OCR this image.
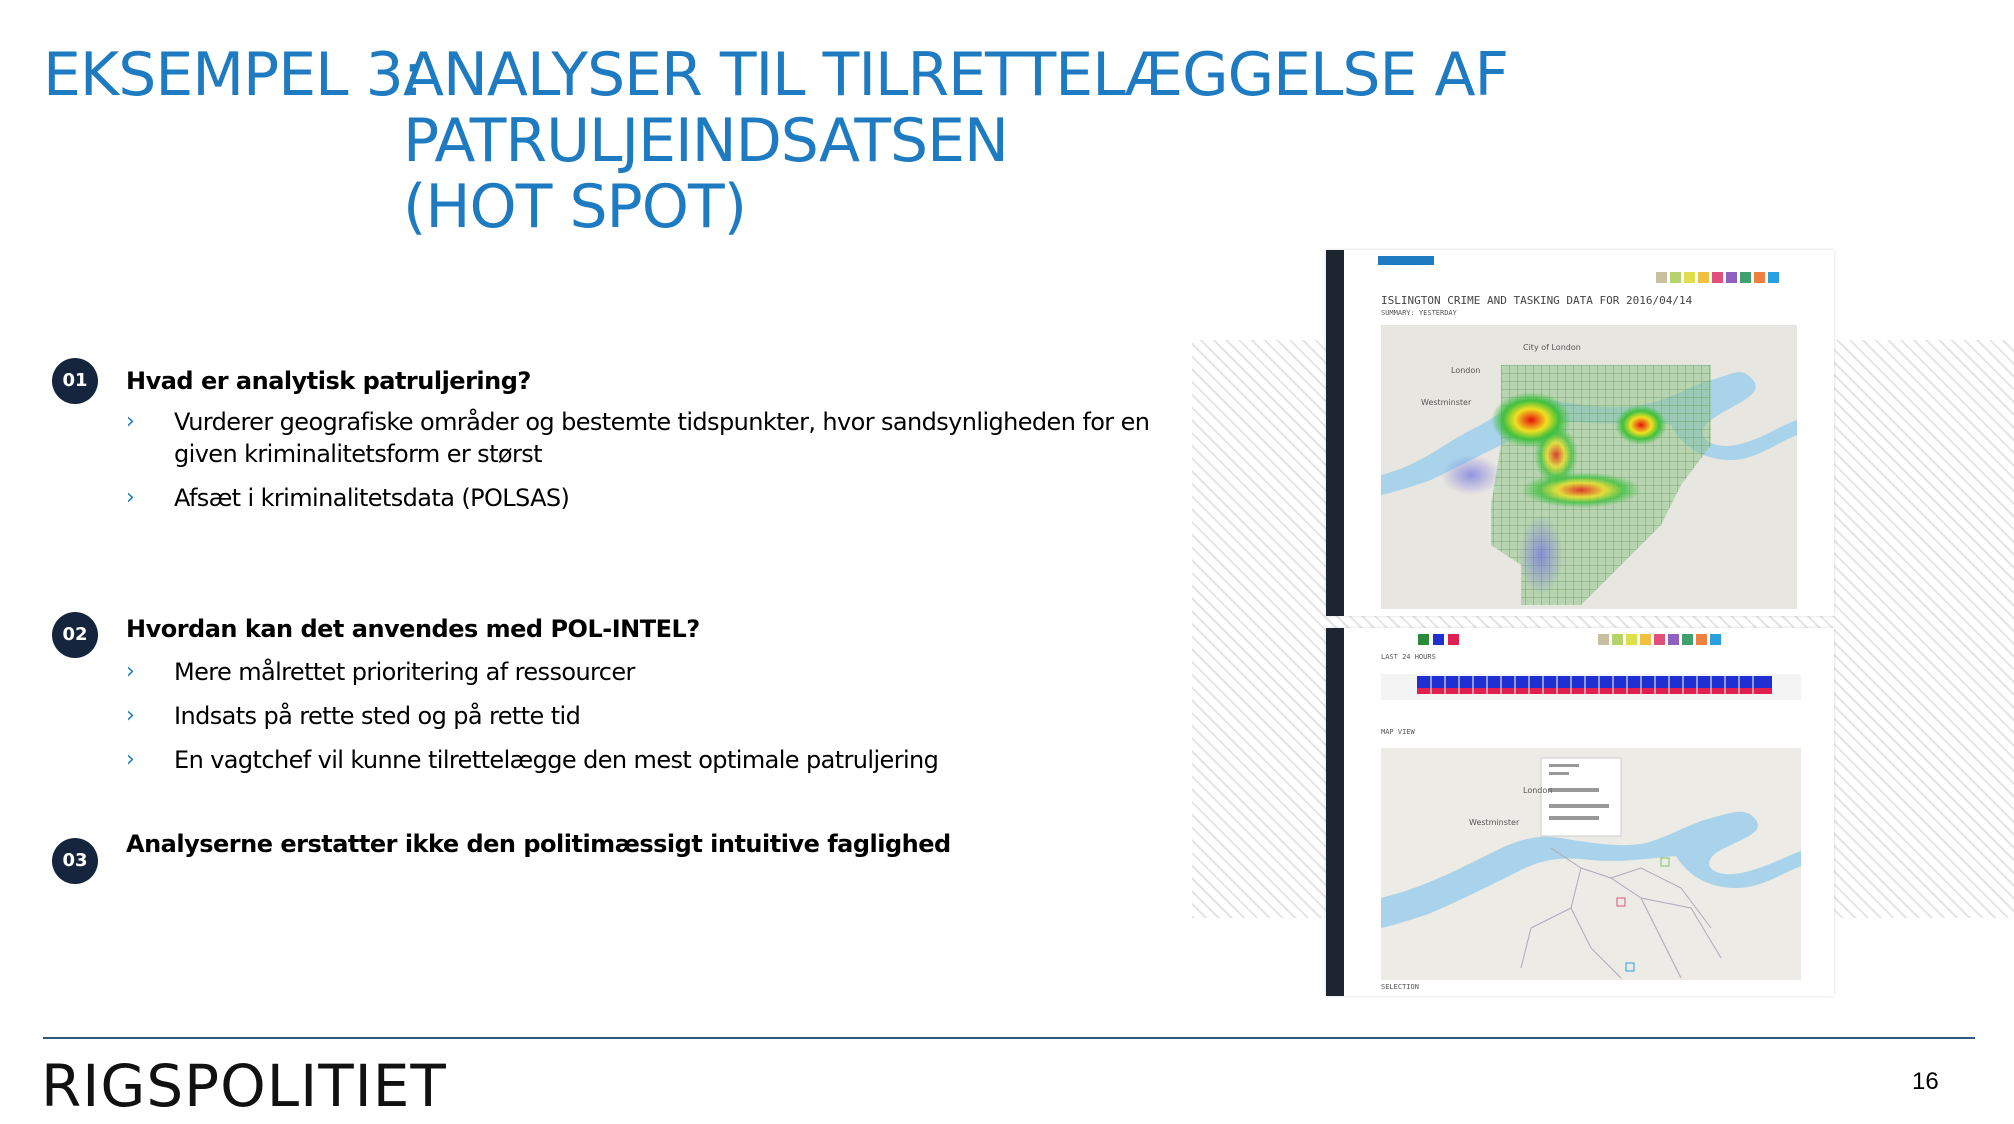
EKSEMPEL 3:
ANALYSER TIL TILRETTELÆGGELSE AF PATRULJEINDSATSEN
(HOT SPOT)
01	Hvad er analytisk patruljering?
› Vurderer geografiske områder og bestemte tidspunkter, hvor sandsynligheden for en given kriminalitetsform er størst
› Afsæt i kriminalitetsdata (POLSAS)
02	Hvordan kan det anvendes med POL-INTEL?
› Mere målrettet prioritering af ressourcer
› Indsats på rette sted og på rette tid
› En vagtchef vil kunne tilrettelægge den mest optimale patruljering
03
Analyserne erstatter ikke den politimæssigt intuitive faglighed
ISLINGTON CRIME AND TASKING DATA FOR 2016/04/14
SUMMARY: YESTERDAY
City of London
London
Westminster
LAST 24 HOURS
MAP VIEW
London
Westminster
SELECTION
RIGSPOLITIET	16
